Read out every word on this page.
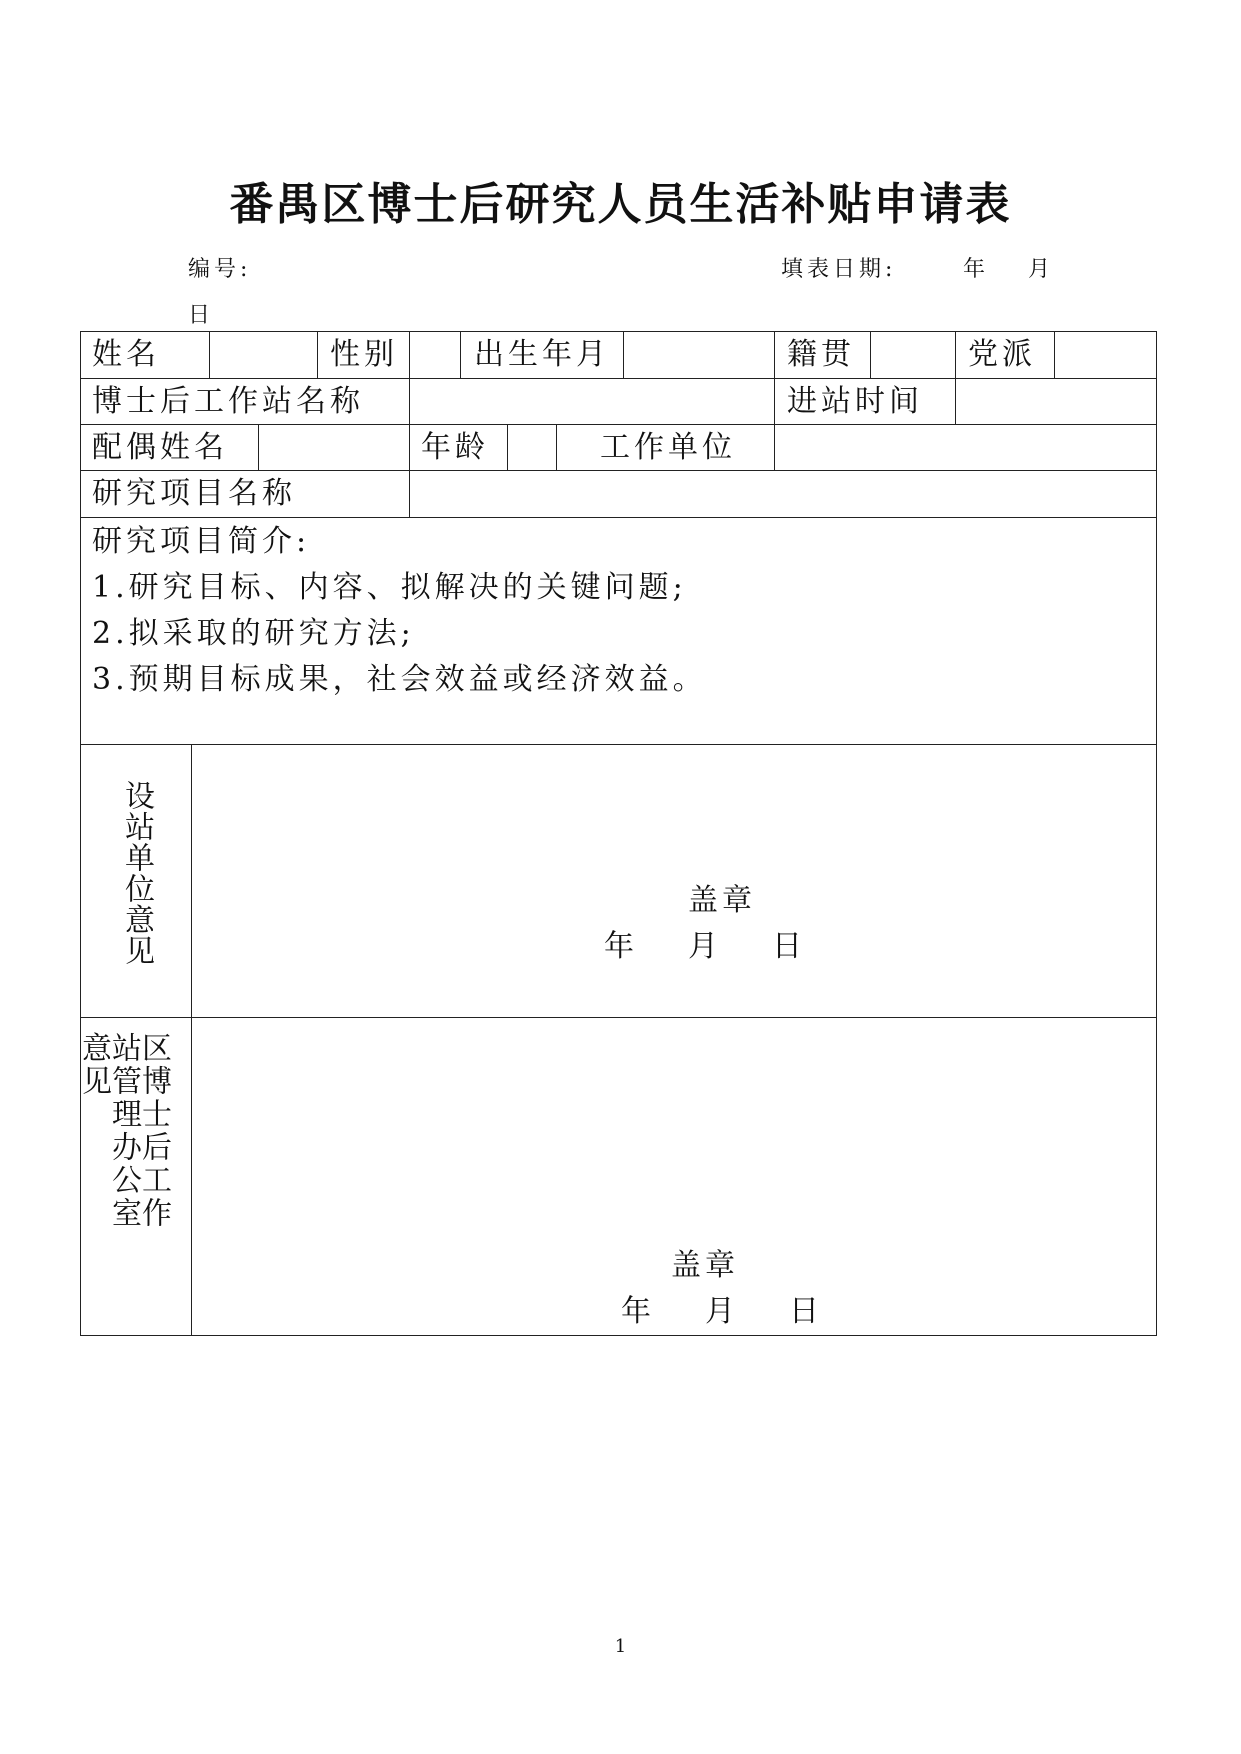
番禺区博士后研究人员生活补贴申请表
编号:	填表日期:	年 月
日
姓名	性别	出生年月	籍贯	党派
博士后工作站名称	进站时间
配偶姓名	年龄	工作单位
研究项目名称
研究项目简介:
1.研究目标、内容、拟解决的关键问题;
2.拟采取的研究方法;
3.预期目标成果，社会效益或经济效益。
设站单位意见	盖章
年 月 日
区博士后工作站管理办公室意见
盖章
年 月 日
1
